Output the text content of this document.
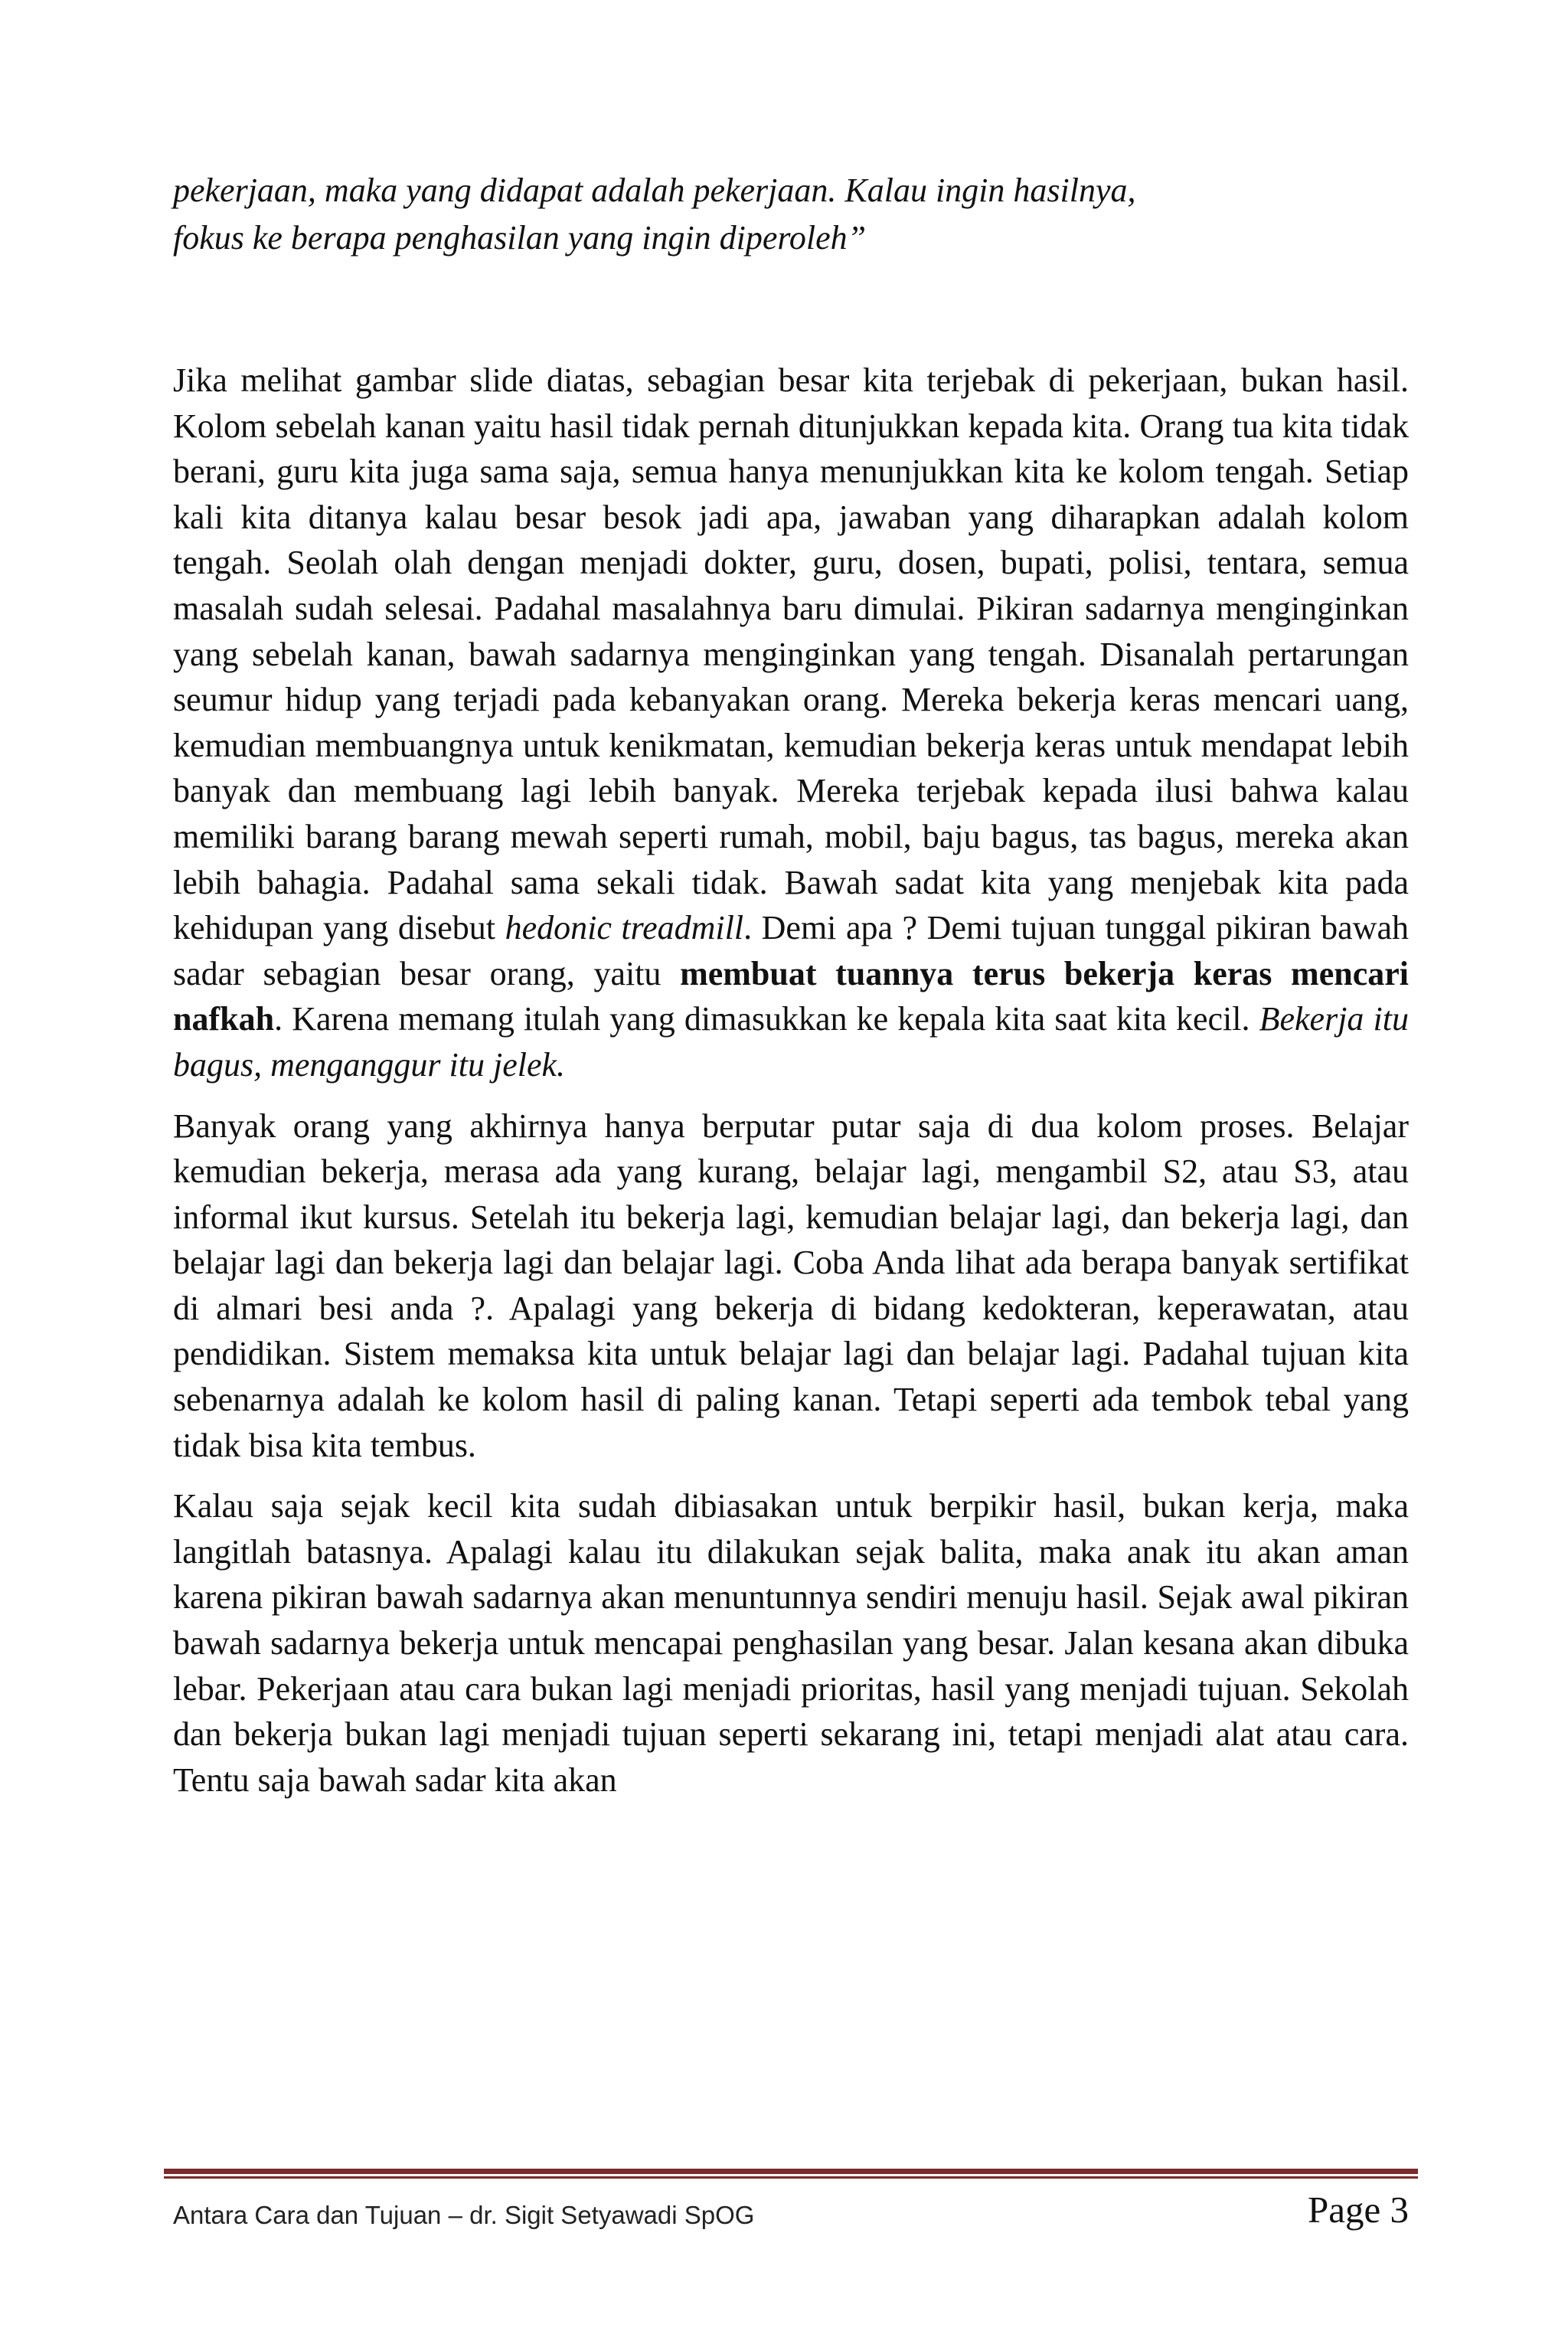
pekerjaan, maka yang didapat adalah pekerjaan. Kalau ingin hasilnya,
fokus ke berapa penghasilan yang ingin diperoleh”

Jika melihat gambar slide diatas, sebagian besar kita terjebak di pekerjaan, bukan hasil. Kolom sebelah kanan yaitu hasil tidak pernah ditunjukkan kepada kita. Orang tua kita tidak berani, guru kita juga sama saja, semua hanya menunjukkan kita ke kolom tengah. Setiap kali kita ditanya kalau besar besok jadi apa, jawaban yang diharapkan adalah kolom tengah. Seolah olah dengan menjadi dokter, guru, dosen, bupati, polisi, tentara, semua masalah sudah selesai. Padahal masalahnya baru dimulai. Pikiran sadarnya menginginkan yang sebelah kanan, bawah sadarnya menginginkan yang tengah. Disanalah pertarungan seumur hidup yang terjadi pada kebanyakan orang. Mereka bekerja keras mencari uang, kemudian membuangnya untuk kenikmatan, kemudian bekerja keras untuk mendapat lebih banyak dan membuang lagi lebih banyak. Mereka terjebak kepada ilusi bahwa kalau memiliki barang barang mewah seperti rumah, mobil, baju bagus, tas bagus, mereka akan lebih bahagia. Padahal sama sekali tidak. Bawah sadat kita yang menjebak kita pada kehidupan yang disebut hedonic treadmill. Demi apa ? Demi tujuan tunggal pikiran bawah sadar sebagian besar orang, yaitu membuat tuannya terus bekerja keras mencari nafkah. Karena memang itulah yang dimasukkan ke kepala kita saat kita kecil. Bekerja itu bagus, menganggur itu jelek.

Banyak orang yang akhirnya hanya berputar putar saja di dua kolom proses. Belajar kemudian bekerja, merasa ada yang kurang, belajar lagi, mengambil S2, atau S3, atau informal ikut kursus. Setelah itu bekerja lagi, kemudian belajar lagi, dan bekerja lagi, dan belajar lagi dan bekerja lagi dan belajar lagi. Coba Anda lihat ada berapa banyak sertifikat di almari besi anda ?. Apalagi yang bekerja di bidang kedokteran, keperawatan, atau pendidikan. Sistem memaksa kita untuk belajar lagi dan belajar lagi. Padahal tujuan kita sebenarnya adalah ke kolom hasil di paling kanan. Tetapi seperti ada tembok tebal yang tidak bisa kita tembus.

Kalau saja sejak kecil kita sudah dibiasakan untuk berpikir hasil, bukan kerja, maka langitlah batasnya. Apalagi kalau itu dilakukan sejak balita, maka anak itu akan aman karena pikiran bawah sadarnya akan menuntunnya sendiri menuju hasil. Sejak awal pikiran bawah sadarnya bekerja untuk mencapai penghasilan yang besar. Jalan kesana akan dibuka lebar. Pekerjaan atau cara bukan lagi menjadi prioritas, hasil yang menjadi tujuan. Sekolah dan bekerja bukan lagi menjadi tujuan seperti sekarang ini, tetapi menjadi alat atau cara. Tentu saja bawah sadar kita akan

Antara Cara dan Tujuan – dr. Sigit Setyawadi SpOG	Page 3
